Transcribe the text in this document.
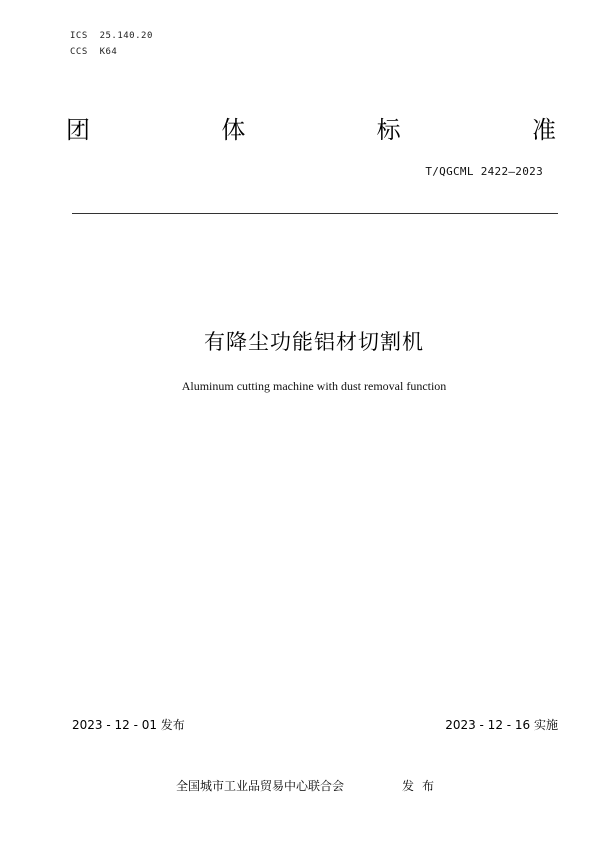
ICS  25.140.20
CCS  K64
团	体	标	准
T/QGCML 2422—2023
有降尘功能铝材切割机
Aluminum cutting machine with dust removal function
2023 - 12 - 01 发布	2023 - 12 - 16 实施
全国城市工业品贸易中心联合会	发布
